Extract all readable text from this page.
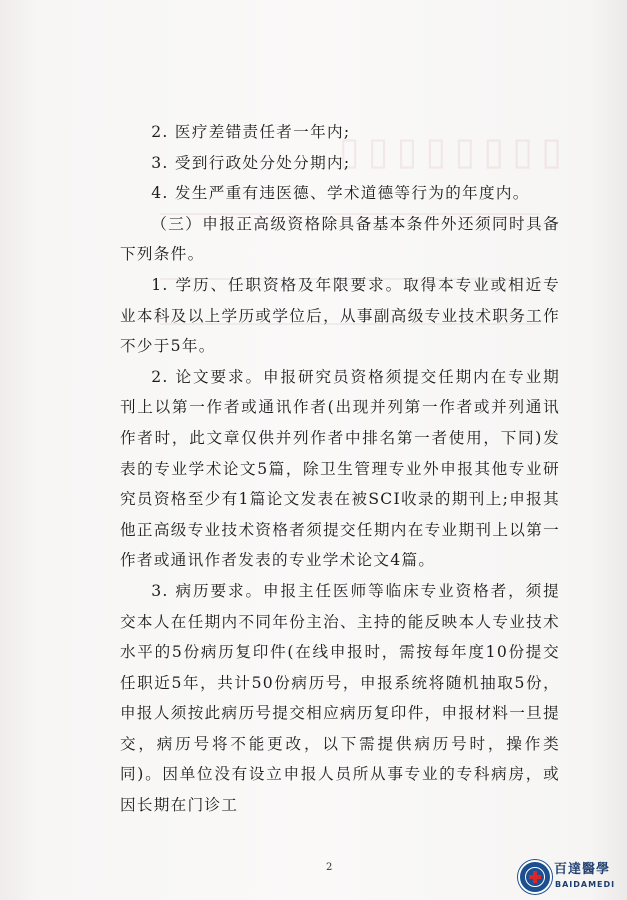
▯▯▯▯▯▯▯▯

2. 医疗差错责任者一年内;

3. 受到行政处分处分期内;

4. 发生严重有违医德、学术道德等行为的年度内。

（三）申报正高级资格除具备基本条件外还须同时具备下列条件。

1. 学历、任职资格及年限要求。取得本专业或相近专业本科及以上学历或学位后，从事副高级专业技术职务工作不少于5年。

2. 论文要求。申报研究员资格须提交任期内在专业期刊上以第一作者或通讯作者(出现并列第一作者或并列通讯作者时，此文章仅供并列作者中排名第一者使用，下同)发表的专业学术论文5篇，除卫生管理专业外申报其他专业研究员资格至少有1篇论文发表在被SCI收录的期刊上;申报其他正高级专业技术资格者须提交任期内在专业期刊上以第一作者或通讯作者发表的专业学术论文4篇。

3. 病历要求。申报主任医师等临床专业资格者，须提交本人在任期内不同年份主治、主持的能反映本人专业技术水平的5份病历复印件(在线申报时，需按每年度10份提交任职近5年，共计50份病历号，申报系统将随机抽取5份，申报人须按此病历号提交相应病历复印件，申报材料一旦提交，病历号将不能更改，以下需提供病历号时，操作类同)。因单位没有设立申报人员所从事专业的专科病房，或因长期在门诊工

2	百達醫學
BAIDAMEDI
